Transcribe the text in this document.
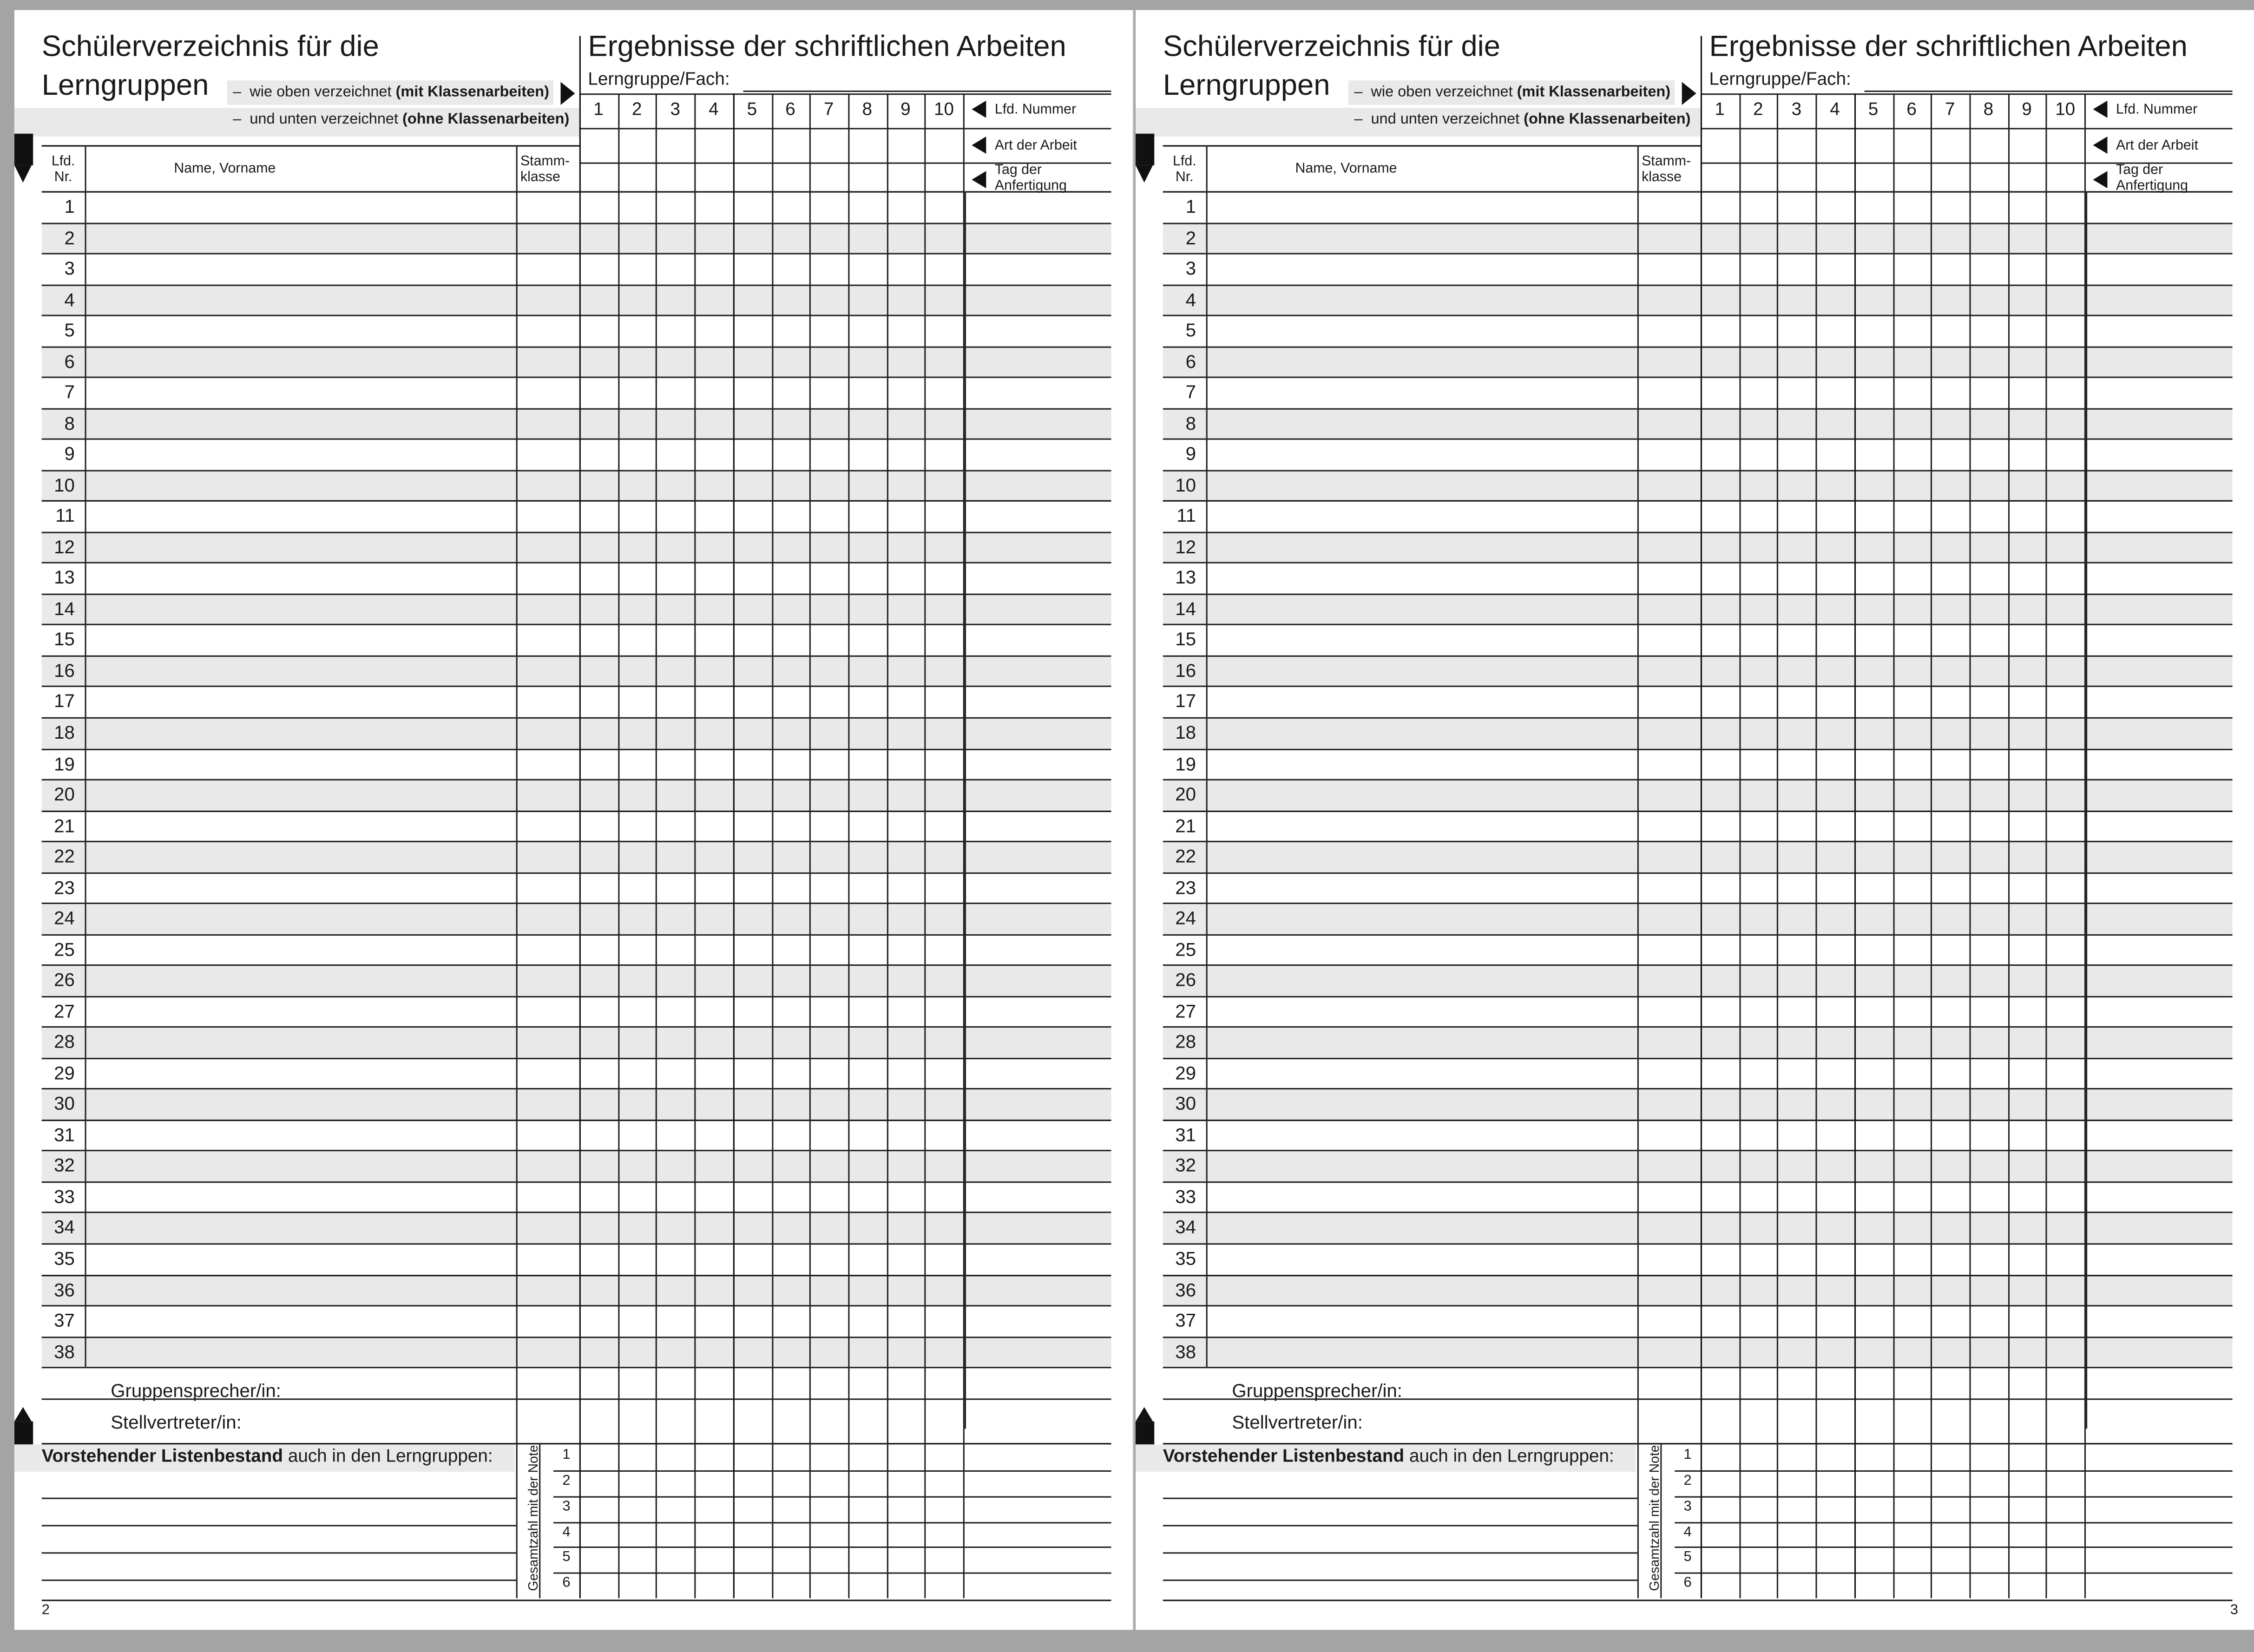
Schülerverzeichnis für die
Lerngruppen	– wie oben verzeichnet (mit Klassenarbeiten)
– und unten verzeichnet (ohne Klassenarbeiten)
Ergebnisse der schriftlichen Arbeiten
Lerngruppe/Fach:
Lfd.
Nr.
Name, Vorname	Stamm-
klasse
Lfd. Nummer
Art der Arbeit
Tag der
Anfertigung
Gruppensprecher/in:
Stellvertreter/in:
Vorstehender Listenbestand auch in den Lerngruppen:	Gesamtzahl mit der Note
2
1
2
3
4
5
6
1	2	3	4	5	6	7	8	9	10
1
2
3
4
5
6
7
8
9
10
11
12
13
14
15
16
17
18
19
20
21
22
23
24
25
26
27
28
29
30
31
32
33
34
35
36
37
38
Schülerverzeichnis für die
Lerngruppen	– wie oben verzeichnet (mit Klassenarbeiten)
– und unten verzeichnet (ohne Klassenarbeiten)
Ergebnisse der schriftlichen Arbeiten
Lerngruppe/Fach:
Lfd.
Nr.
Name, Vorname	Stamm-
klasse
Lfd. Nummer
Art der Arbeit
Tag der
Anfertigung
Gruppensprecher/in:
Stellvertreter/in:
Vorstehender Listenbestand auch in den Lerngruppen:	Gesamtzahl mit der Note
3
1
2
3
4
5
6
1	2	3	4	5	6	7	8	9	10
1
2
3
4
5
6
7
8
9
10
11
12
13
14
15
16
17
18
19
20
21
22
23
24
25
26
27
28
29
30
31
32
33
34
35
36
37
38
